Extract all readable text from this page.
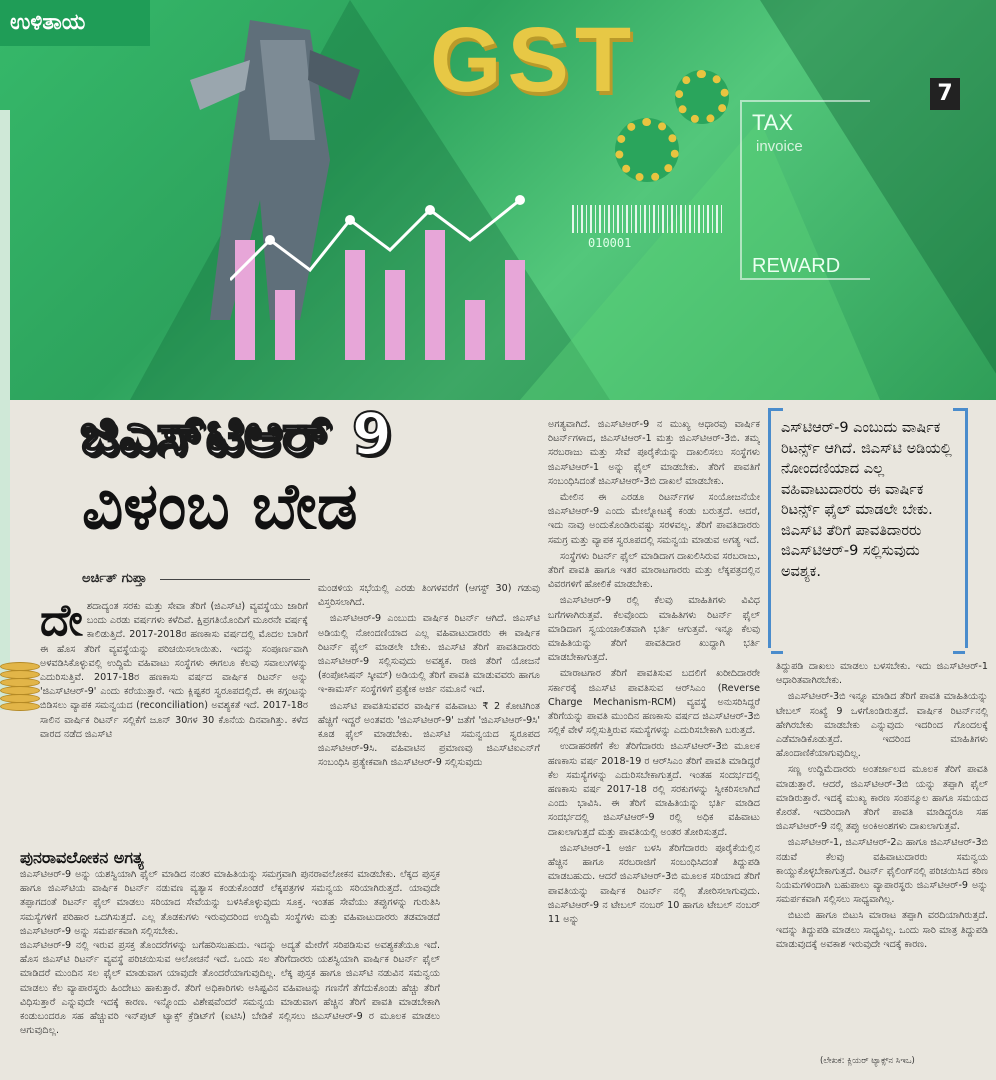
GST
TAX
invoice
REWARD
010001
7
ಉಳಿತಾಯ
ಜಿಎಸ್‌ಟಿಆರ್ 9
ವಿಳಂಬ ಬೇಡ
ಅರ್ಚಿತ್ ಗುಪ್ತಾ
ಎಸ್‌ಟಿಆರ್-9 ಎಂಬುದು ವಾರ್ಷಿಕ ರಿಟರ್ನ್ಸ್ ಆಗಿದೆ. ಜಿಎಸ್‌ಟಿ ಅಡಿಯಲ್ಲಿ ನೋಂದಣಿಯಾದ ಎಲ್ಲ ವಹಿವಾಟುದಾರರು ಈ ವಾರ್ಷಿಕ ರಿಟರ್ನ್ಸ್ ಫೈಲ್ ಮಾಡಲೇ ಬೇಕು. ಜಿಎಸ್‌ಟಿ ತೆರಿಗೆ ಪಾವತಿದಾರರು ಜಿಎಸ್‌ಟಿಆರ್-9 ಸಲ್ಲಿಸುವುದು ಅವಶ್ಯಕ.
ದೇ ಶದಾದ್ಯಂತ ಸರಕು ಮತ್ತು ಸೇವಾ ತೆರಿಗೆ (ಜಿಎಸ್‌ಟಿ) ವ್ಯವಸ್ಥೆಯು ಜಾರಿಗೆ ಬಂದು ಎರಡು ವರ್ಷಗಳು ಕಳೆದಿವೆ. ಕ್ಷಿಪ್ರಗತಿಯೊಂದಿಗೆ ಮೂರನೇ ವರ್ಷಕ್ಕೆ ಕಾಲಿಡುತ್ತಿದೆ. 2017-2018ರ ಹಣಕಾಸು ವರ್ಷದಲ್ಲಿ ಮೊದಲ ಬಾರಿಗೆ ಈ ಹೊಸ ತೆರಿಗೆ ವ್ಯವಸ್ಥೆಯನ್ನು ಪರಿಚಯಿಸಲಾಯಿತು. ಇದನ್ನು ಸಂಪೂರ್ಣವಾಗಿ ಅಳವಡಿಸಿಕೊಳ್ಳುವಲ್ಲಿ ಉದ್ದಿಮೆ ವಹಿವಾಟು ಸಂಸ್ಥೆಗಳು ಈಗಲೂ ಕೆಲವು ಸವಾಲುಗಳನ್ನು ಎದುರಿಸುತ್ತಿವೆ. 2017-18ರ ಹಣಕಾಸು ವರ್ಷದ ವಾರ್ಷಿಕ ರಿಟರ್ನ್ ಅನ್ನು 'ಜಿಎಸ್‌ಟಿಆರ್-9' ಎಂದು ಕರೆಯುತ್ತಾರೆ. ಇದು ಕ್ಲಿಷ್ಟಕರ ಸ್ವರೂಪದಲ್ಲಿದೆ. ಈ ಕಗ್ಗಂಟನ್ನು ಬಿಡಿಸಲು ವ್ಯಾಪಕ ಸಮನ್ವಯದ (reconciliation) ಅವಶ್ಯಕತೆ ಇದೆ. 2017-18ರ ಸಾಲಿನ ವಾರ್ಷಿಕ ರಿಟರ್ನ್ ಸಲ್ಲಿಕೆಗೆ ಜೂನ್ 30ಗಳ 30 ಕೊನೆಯ ದಿನವಾಗಿತ್ತು. ಕಳೆದ ವಾರದ ನಡೆದ ಜಿಎಸ್‌ಟಿ

ಮಂಡಳಿಯ ಸಭೆಯಲ್ಲಿ ಎರಡು ತಿಂಗಳವರೆಗೆ (ಆಗಸ್ಟ್ 30) ಗಡುವು ವಿಸ್ತರಿಸಲಾಗಿದೆ.

ಜಿಎಸ್‌ಟಿಆರ್-9 ಎಂಬುದು ವಾರ್ಷಿಕ ರಿಟರ್ನ್ ಆಗಿದೆ. ಜಿಎಸ್‌ಟಿ ಅಡಿಯಲ್ಲಿ ನೋಂದಣಿಯಾದ ಎಲ್ಲ ವಹಿವಾಟುದಾರರು ಈ ವಾರ್ಷಿಕ ರಿಟರ್ನ್ ಫೈಲ್ ಮಾಡಲೇ ಬೇಕು. ಜಿಎಸ್‌ಟಿ ತೆರಿಗೆ ಪಾವತಿದಾರರು ಜಿಎಸ್‌ಟಿಆರ್-9 ಸಲ್ಲಿಸುವುದು ಅವಶ್ಯಕ. ರಾಜಿ ತೆರಿಗೆ ಯೋಜನೆ (ಕಂಪೋಸಿಷನ್ ಸ್ಕೀಮ್) ಅಡಿಯಲ್ಲಿ ತೆರಿಗೆ ಪಾವತಿ ಮಾಡುವವರು ಹಾಗೂ ಇ-ಕಾಮರ್ಸ್ ಸಂಸ್ಥೆಗಳಿಗೆ ಪ್ರತ್ಯೇಕ ಅರ್ಜಿ ನಮೂನೆ ಇದೆ.

ಜಿಎಸ್‌ಟಿ ಪಾವತಿಸುವವರ ವಾರ್ಷಿಕ ವಹಿವಾಟು ₹ 2 ಕೋಟಿಗಿಂತ ಹೆಚ್ಚಿಗೆ ಇದ್ದರೆ ಅಂತವರು 'ಜಿಎಸ್‌ಟಿಆರ್-9' ಜತೆಗೆ 'ಜಿಎಸ್‌ಟಿಆರ್-9ಸಿ' ಕೂಡ ಫೈಲ್ ಮಾಡಬೇಕು. ಜಿಎಸ್‌ಟಿ ಸಮನ್ವಯದ ಸ್ವರೂಪದ ಜಿಎಸ್‌ಟಿಆರ್-9ಸಿ. ವಹಿವಾಟಿನ ಪ್ರಮಾಣವು ಜಿಎಸ್‌ಟಿಐಎನ್‌ಗೆ ಸಂಬಂಧಿಸಿ ಪ್ರತ್ಯೇಕವಾಗಿ ಜಿಎಸ್‌ಟಿಆರ್-9 ಸಲ್ಲಿಸುವುದು

ಅಗತ್ಯವಾಗಿದೆ. ಜಿಎಸ್‌ಟಿಆರ್-9 ನ ಮುಖ್ಯ ಆಧಾರವು ವಾರ್ಷಿಕ ರಿಟರ್ನ್‌ಗಳಾದ, ಜಿಎಸ್‌ಟಿಆರ್-1 ಮತ್ತು ಜಿಎಸ್‌ಟಿಆರ್-3ಬಿ. ತಮ್ಮ ಸರಬರಾಜು ಮತ್ತು ಸೇವೆ ಪೂರೈಕೆಯನ್ನು ದಾಖಲಿಸಲು ಸಂಸ್ಥೆಗಳು ಜಿಎಸ್‌ಟಿಆರ್-1 ಅನ್ನು ಫೈಲ್ ಮಾಡಬೇಕು. ತೆರಿಗೆ ಪಾವತಿಗೆ ಸಂಬಂಧಿಸಿದಂತೆ ಜಿಎಸ್‌ಟಿಆರ್-3ಬಿ ದಾಖಲೆ ಮಾಡಬೇಕು.

ಮೇಲಿನ ಈ ಎರಡೂ ರಿಟರ್ನ್‌ಗಳ ಸಂಯೋಜನೆಯೇ ಜಿಎಸ್‌ಟಿಆರ್-9 ಎಂದು ಮೇಲ್ನೋಟಕ್ಕೆ ಕಂಡು ಬರುತ್ತದೆ. ಆದರೆ, ಇದು ನಾವು ಅಂದುಕೊಂಡಿರುವಷ್ಟು ಸರಳವಲ್ಲ. ತೆರಿಗೆ ಪಾವತಿದಾರರು ಸಮಗ್ರ ಮತ್ತು ವ್ಯಾಪಕ ಸ್ವರೂಪದಲ್ಲಿ ಸಮನ್ವಯ ಮಾಡುವ ಅಗತ್ಯ ಇದೆ.

ಸಂಸ್ಥೆಗಳು ರಿಟರ್ನ್ ಫೈಲ್ ಮಾಡಿದಾಗ ದಾಖಲಿಸಿರುವ ಸರಬರಾಜು, ತೆರಿಗೆ ಪಾವತಿ ಹಾಗೂ ಇತರ ಮಾರಾಟಗಾರರು ಮತ್ತು ಲೆಕ್ಕಪತ್ರದಲ್ಲಿನ ವಿವರಗಳಿಗೆ ಹೋಲಿಕೆ ಮಾಡಬೇಕು.

ಜಿಎಸ್‌ಟಿಆರ್-9 ರಲ್ಲಿ ಕೆಲವು ಮಾಹಿತಿಗಳು ವಿವಿಧ ಬಗೆಗಳಾಗಿರುತ್ತವೆ. ಕೆಲವೊಂದು ಮಾಹಿತಿಗಳು ರಿಟರ್ನ್ ಫೈಲ್ ಮಾಡಿದಾಗ ಸ್ವಯಂಚಾಲಿತವಾಗಿ ಭರ್ತಿ ಆಗುತ್ತವೆ. ಇನ್ನೂ ಕೆಲವು ಮಾಹಿತಿಯನ್ನು ತೆರಿಗೆ ಪಾವತಿದಾರ ಖುದ್ದಾಗಿ ಭರ್ತಿ ಮಾಡಬೇಕಾಗುತ್ತದೆ.

ಮಾರಾಟಗಾರ ತೆರಿಗೆ ಪಾವತಿಸುವ ಬದಲಿಗೆ ಖರೀದಿದಾರರೇ ಸರ್ಕಾರಕ್ಕೆ ಜಿಎಸ್‌ಟಿ ಪಾವತಿಸುವ ಆರ್‌ಸಿಎಂ (Reverse Charge Mechanism-RCM) ವ್ಯವಸ್ಥೆ ಅನುಸರಿಸಿದ್ದರೆ ತೆರಿಗೆಯನ್ನು ಪಾವತಿ ಮುಂದಿನ ಹಣಕಾಸು ವರ್ಷದ ಜಿಎಸ್‌ಟಿಆರ್-3ಬಿ ಸಲ್ಲಿಕೆ ವೇಳೆ ಸಲ್ಲಿಸುತ್ತಿರುವ ಸಮಸ್ಯೆಗಳನ್ನು ಎದುರಿಸಬೇಕಾಗಿ ಬರುತ್ತದೆ.

ಉದಾಹರಣೆಗೆ ಕೆಲ ತೆರಿಗೆದಾರರು ಜಿಎಸ್‌ಟಿಆರ್-3ಬಿ ಮೂಲಕ ಹಣಕಾಸು ವರ್ಷ 2018-19 ರ ಆರ್‌ಸಿಎಂ ತೆರಿಗೆ ಪಾವತಿ ಮಾಡಿದ್ದರೆ ಕೆಲ ಸಮಸ್ಯೆಗಳನ್ನು ಎದುರಿಸಬೇಕಾಗುತ್ತದೆ. ಇಂತಹ ಸಂದರ್ಭದಲ್ಲಿ ಹಣಕಾಸು ವರ್ಷ 2017-18 ರಲ್ಲಿ ಸರಕುಗಳನ್ನು ಸ್ವೀಕರಿಸಲಾಗಿದೆ ಎಂದು ಭಾವಿಸಿ. ಈ ತೆರಿಗೆ ಮಾಹಿತಿಯನ್ನು ಭರ್ತಿ ಮಾಡಿದ ಸಂದರ್ಭದಲ್ಲಿ ಜಿಎಸ್‌ಟಿಆರ್-9 ರಲ್ಲಿ ಅಧಿಕ ವಹಿವಾಟು ದಾಖಲಾಗುತ್ತದೆ ಮತ್ತು ಪಾವತಿಯಲ್ಲಿ ಅಂತರ ತೋರಿಸುತ್ತದೆ.

ಜಿಎಸ್‌ಟಿಆರ್-1 ಅರ್ಜಿ ಬಳಸಿ ತೆರಿಗೆದಾರರು ಪೂರೈಕೆಯಲ್ಲಿನ ಹೆಚ್ಚಿನ ಹಾಗೂ ಸರಬರಾಜಿಗೆ ಸಂಬಂಧಿಸಿದಂತೆ ತಿದ್ದುಪಡಿ ಮಾಡಬಹುದು. ಆದರೆ ಜಿಎಸ್‌ಟಿಆರ್-3ಬಿ ಮೂಲಕ ಸರಿಯಾದ ತೆರಿಗೆ ಪಾವತಿಯನ್ನು ವಾರ್ಷಿಕ ರಿಟರ್ನ್ ನಲ್ಲಿ ತೋರಿಸಲಾಗುವುದು. ಜಿಎಸ್‌ಟಿಆರ್-9 ನ ಟೇಬಲ್ ನಂಬರ್ 10 ಹಾಗೂ ಟೇಬಲ್ ನಂಬರ್ 11 ಅನ್ನು

ತಿದ್ದುಪಡಿ ದಾಖಲು ಮಾಡಲು ಬಳಸಬೇಕು. ಇದು ಜಿಎಸ್‌ಟಿಆರ್-1 ಆಧಾರಿತವಾಗಿರಬೇಕು.

ಜಿಎಸ್‌ಟಿಆರ್-3ಬಿ ಇನ್ನೂ ಮಾಡಿದ ತೆರಿಗೆ ಪಾವತಿ ಮಾಹಿತಿಯನ್ನು ಟೇಬಲ್ ಸಂಖ್ಯೆ 9 ಒಳಗೊಂಡಿರುತ್ತದೆ. ವಾರ್ಷಿಕ ರಿಟರ್ನ್‌ನಲ್ಲಿ ಹೇಗಿರಬೇಕು ಮಾಡಬೇಕು ಎನ್ನುವುದು ಇದರಿಂದ ಗೊಂದಲಕ್ಕೆ ಎಡೆಮಾಡಿಕೊಡುತ್ತದೆ. ಇದರಿಂದ ಮಾಹಿತಿಗಳು ಹೊಂದಾಣಿಕೆಯಾಗುವುದಿಲ್ಲ.

ಸಣ್ಣ ಉದ್ದಿಮೆದಾರರು ಅಂತರ್ಜಾಲದ ಮೂಲಕ ತೆರಿಗೆ ಪಾವತಿ ಮಾಡುತ್ತಾರೆ. ಆದರೆ, ಜಿಎಸ್‌ಟಿಆರ್-3ಬಿ ಯನ್ನು ತಪ್ಪಾಗಿ ಫೈಲ್ ಮಾಡಿರುತ್ತಾರೆ. ಇದಕ್ಕೆ ಮುಖ್ಯ ಕಾರಣ ಸಂಪನ್ಮೂಲ ಹಾಗೂ ಸಮಯದ ಕೊರತೆ. ಇದರಿಂದಾಗಿ ತೆರಿಗೆ ಪಾವತಿ ಮಾಡಿದ್ದರೂ ಸಹ ಜಿಎಸ್‌ಟಿಆರ್-9 ನಲ್ಲಿ ತಪ್ಪು ಅಂಕಿಅಂಶಗಳು ದಾಖಲಾಗುತ್ತವೆ.

ಜಿಎಸ್‌ಟಿಆರ್-1, ಜಿಎಸ್‌ಟಿಆರ್-2ಎ ಹಾಗೂ ಜಿಎಸ್‌ಟಿಆರ್-3ಬಿ ನಡುವೆ ಕೆಲವು ವಹಿವಾಟುದಾರರು ಸಮನ್ವಯ ಕಾಯ್ದುಕೊಳ್ಳಬೇಕಾಗುತ್ತದೆ. ರಿಟರ್ನ್ ಫೈಲಿಂಗ್‌ನಲ್ಲಿ ಪರಿಚಯಿಸಿದ ಕಠಿಣ ನಿಯಮಗಳಿಂದಾಗಿ ಬಹುಪಾಲು ವ್ಯಾಪಾರಸ್ಥರು ಜಿಎಸ್‌ಟಿಆರ್-9 ಅನ್ನು ಸಮರ್ಪಕವಾಗಿ ಸಲ್ಲಿಸಲು ಸಾಧ್ಯವಾಗಿಲ್ಲ.

ಬಿಟುಬಿ ಹಾಗೂ ಬಿಟುಸಿ ಮಾರಾಟ ತಪ್ಪಾಗಿ ವರದಿಯಾಗಿರುತ್ತದೆ. ಇದನ್ನು ತಿದ್ದುಪಡಿ ಮಾಡಲು ಸಾಧ್ಯವಿಲ್ಲ. ಒಂದು ಸಾರಿ ಮಾತ್ರ ತಿದ್ದುಪಡಿ ಮಾಡುವುದಕ್ಕೆ ಅವಕಾಶ ಇರುವುದೇ ಇದಕ್ಕೆ ಕಾರಣ.

(ಲೇಖಕ: ಕ್ಲಿಯರ್ ಟ್ಯಾಕ್ಸ್‌ನ ಸಿಇಒ)
ಪುನರಾವಲೋಕನ ಅಗತ್ಯ

ಜಿಎಸ್‌ಟಿಆರ್-9 ಅನ್ನು ಯಶಸ್ವಿಯಾಗಿ ಫೈಲ್ ಮಾಡಿದ ನಂತರ ಮಾಹಿತಿಯನ್ನು ಸಮಗ್ರವಾಗಿ ಪುನರಾವಲೋಕನ ಮಾಡಬೇಕು. ಲೆಕ್ಕದ ಪುಸ್ತಕ ಹಾಗೂ ಜಿಎಸ್‌ಟಿಯ ವಾರ್ಷಿಕ ರಿಟರ್ನ್ ನಡುವಣ ವ್ಯತ್ಯಾಸ ಕಂಡುಕೊಂಡರೆ ಲೆಕ್ಕಪತ್ರಗಳ ಸಮನ್ವಯ ಸರಿಯಾಗಿರುತ್ತದೆ. ಯಾವುದೇ ತಪ್ಪಾಗದಂತೆ ರಿಟರ್ನ್ ಫೈಲ್ ಮಾಡಲು ಸರಿಯಾದ ಸೇವೆಯನ್ನು ಬಳಸಿಕೊಳ್ಳುವುದು ಸೂಕ್ತ. ಇಂತಹ ಸೇವೆಯು ತಪ್ಪುಗಳನ್ನು ಗುರುತಿಸಿ ಸಮಸ್ಯೆಗಳಿಗೆ ಪರಿಹಾರ ಒದಗಿಸುತ್ತದೆ. ಎಲ್ಲ ತೊಡಕುಗಳು ಇರುವುದರಿಂದ ಉದ್ದಿಮೆ ಸಂಸ್ಥೆಗಳು ಮತ್ತು ವಹಿವಾಟುದಾರರು ತಡಮಾಡದೆ ಜಿಎಸ್‌ಟಿಆರ್-9 ಅನ್ನು ಸಮರ್ಪಕವಾಗಿ ಸಲ್ಲಿಸಬೇಕು.

ಜಿಎಸ್‌ಟಿಆರ್-9 ನಲ್ಲಿ ಇರುವ ಪ್ರಸಕ್ತ ತೊಂದರೆಗಳನ್ನು ಬಗೆಹರಿಸಬಹುದು. ಇದನ್ನು ಅದ್ಯತೆ ಮೇರೆಗೆ ಸರಿಪಡಿಸುವ ಅವಶ್ಯಕತೆಯೂ ಇದೆ. ಹೊಸ ಜಿಎಸ್‌ಟಿ ರಿಟರ್ನ್ ವ್ಯವಸ್ಥೆ ಪರಿಚಯಿಸುವ ಆಲೋಚನೆ ಇದೆ. ಒಂದು ಸಲ ತೆರಿಗೆದಾರರು ಯಶಸ್ವಿಯಾಗಿ ವಾರ್ಷಿಕ ರಿಟರ್ನ್ ಫೈಲ್ ಮಾಡಿದರೆ ಮುಂದಿನ ಸಲ ಫೈಲ್ ಮಾಡುವಾಗ ಯಾವುದೇ ತೊಂದರೆಯಾಗುವುದಿಲ್ಲ. ಲೆಕ್ಕ ಪುಸ್ತಕ ಹಾಗೂ ಜಿಎಸ್‌ಟಿ ನಡುವಿನ ಸಮನ್ವಯ ಮಾಡಲು ಕೆಲ ವ್ಯಾಪಾರಸ್ಥರು ಹಿಂದೇಟು ಹಾಕುತ್ತಾರೆ. ತೆರಿಗೆ ಅಧಿಕಾರಿಗಳು ಅಸಿಷ್ಟವಿನ ವಹಿವಾಟನ್ನು ಗಣನೆಗೆ ತೆಗೆದುಕೊಂಡು ಹೆಚ್ಚು ತೆರಿಗೆ ವಿಧಿಸುತ್ತಾರೆ ಎನ್ನುವುದೇ ಇದಕ್ಕೆ ಕಾರಣ. ಇನ್ನೊಂದು ವಿಶೇಷವೆಂದರೆ ಸಮನ್ವಯ ಮಾಡುವಾಗ ಹೆಚ್ಚಿನ ತೆರಿಗೆ ಪಾವತಿ ಮಾಡಬೇಕಾಗಿ ಕಂಡುಬಂದರೂ ಸಹ ಹೆಚ್ಚುವರಿ ಇನ್‌ಪುಟ್ ಟ್ಯಾಕ್ಸ್ ಕ್ರೆಡಿಟ್‌ಗೆ (ಐಟಿಸಿ) ಬೇಡಿಕೆ ಸಲ್ಲಿಸಲು ಜಿಎಸ್‌ಟಿಆರ್-9 ರ ಮೂಲಕ ಮಾಡಲು ಆಗುವುದಿಲ್ಲ.
